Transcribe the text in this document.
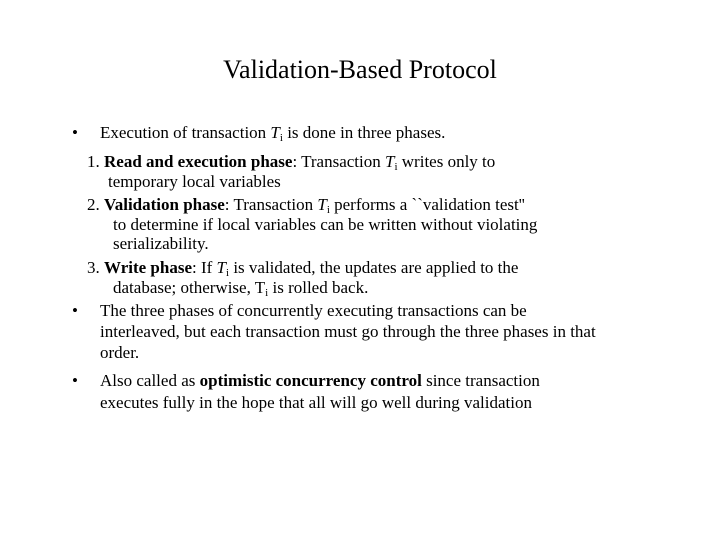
Validation-Based Protocol
• Execution of transaction $T_i$ is done in three phases.
1. Read and execution phase: Transaction $T_i$ writes only to
temporary local variables
2. Validation phase: Transaction $T_i$ performs a ``validation test''
to determine if local variables can be written without violating
serializability.
3. Write phase: If $T_i$ is validated, the updates are applied to the
database; otherwise, $T_i$ is rolled back.
• The three phases of concurrently executing transactions can be
interleaved, but each transaction must go through the three phases in that
order.
• Also called as optimistic concurrency control since transaction
executes fully in the hope that all will go well during validation
